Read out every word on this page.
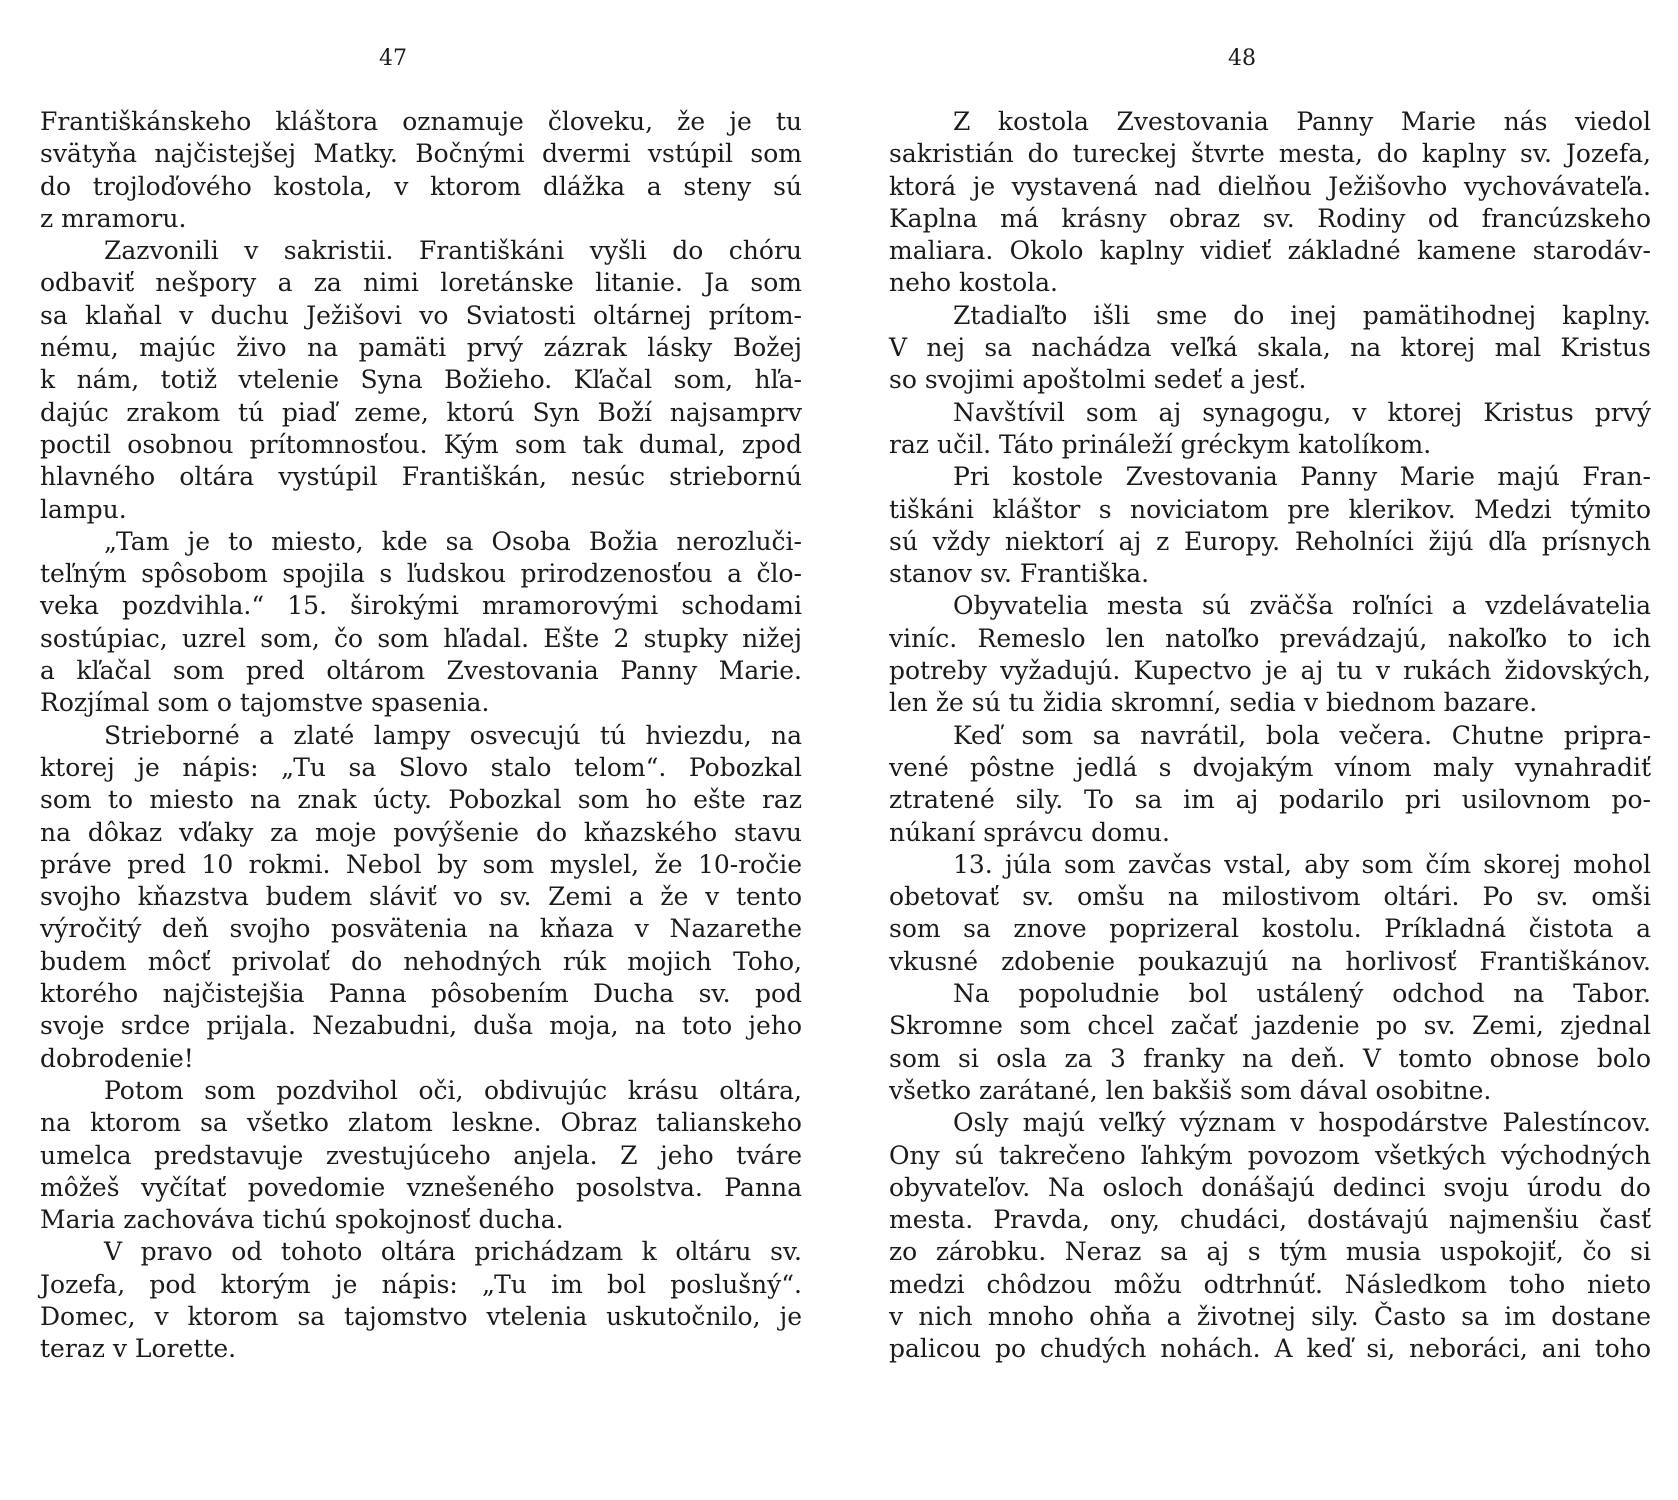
47
Františkánskeho kláštora oznamuje človeku, že je tu
svätyňa najčistejšej Matky. Bočnými dvermi vstúpil som
do trojloďového kostola, v ktorom dlážka a steny sú
z mramoru.
Zazvonili v sakristii. Františkáni vyšli do chóru
odbaviť nešpory a za nimi loretánske litanie. Ja som
sa klaňal v duchu Ježišovi vo Sviatosti oltárnej prítom-
nému, majúc živo na pamäti prvý zázrak lásky Božej
k nám, totiž vtelenie Syna Božieho. Kľačal som, hľa-
dajúc zrakom tú piaď zeme, ktorú Syn Boží najsamprv
poctil osobnou prítomnosťou. Kým som tak dumal, zpod
hlavného oltára vystúpil Františkán, nesúc striebornú
lampu.
„Tam je to miesto, kde sa Osoba Božia nerozluči-
teľným spôsobom spojila s ľudskou prirodzenosťou a člo-
veka pozdvihla.“ 15. širokými mramorovými schodami
sostúpiac, uzrel som, čo som hľadal. Ešte 2 stupky nižej
a kľačal som pred oltárom Zvestovania Panny Marie.
Rozjímal som o tajomstve spasenia.
Strieborné a zlaté lampy osvecujú tú hviezdu, na
ktorej je nápis: „Tu sa Slovo stalo telom“. Pobozkal
som to miesto na znak úcty. Pobozkal som ho ešte raz
na dôkaz vďaky za moje povýšenie do kňazského stavu
práve pred 10 rokmi. Nebol by som myslel, že 10-ročie
svojho kňazstva budem sláviť vo sv. Zemi a že v tento
výročitý deň svojho posvätenia na kňaza v Nazarethe
budem môcť privolať do nehodných rúk mojich Toho,
ktorého najčistejšia Panna pôsobením Ducha sv. pod
svoje srdce prijala. Nezabudni, duša moja, na toto jeho
dobrodenie!
Potom som pozdvihol oči, obdivujúc krásu oltára,
na ktorom sa všetko zlatom leskne. Obraz talianskeho
umelca predstavuje zvestujúceho anjela. Z jeho tváre
môžeš vyčítať povedomie vznešeného posolstva. Panna
Maria zachováva tichú spokojnosť ducha.
V pravo od tohoto oltára prichádzam k oltáru sv.
Jozefa, pod ktorým je nápis: „Tu im bol poslušný“.
Domec, v ktorom sa tajomstvo vtelenia uskutočnilo, je
teraz v Lorette.
48
Z kostola Zvestovania Panny Marie nás viedol
sakristián do tureckej štvrte mesta, do kaplny sv. Jozefa,
ktorá je vystavená nad dielňou Ježišovho vychovávateľa.
Kaplna má krásny obraz sv. Rodiny od francúzskeho
maliara. Okolo kaplny vidieť základné kamene starodáv-
neho kostola.
Ztadiaľto išli sme do inej pamätihodnej kaplny.
V nej sa nachádza veľká skala, na ktorej mal Kristus
so svojimi apoštolmi sedeť a jesť.
Navštívil som aj synagogu, v ktorej Kristus prvý
raz učil. Táto prináleží gréckym katolíkom.
Pri kostole Zvestovania Panny Marie majú Fran-
tiškáni kláštor s noviciatom pre klerikov. Medzi týmito
sú vždy niektorí aj z Europy. Reholníci žijú dľa prísnych
stanov sv. Františka.
Obyvatelia mesta sú zväčša roľníci a vzdelávatelia
viníc. Remeslo len natoľko prevádzajú, nakoľko to ich
potreby vyžadujú. Kupectvo je aj tu v rukách židovských,
len že sú tu židia skromní, sedia v biednom bazare.
Keď som sa navrátil, bola večera. Chutne pripra-
vené pôstne jedlá s dvojakým vínom maly vynahradiť
ztratené sily. To sa im aj podarilo pri usilovnom po-
núkaní správcu domu.
13. júla som zavčas vstal, aby som čím skorej mohol
obetovať sv. omšu na milostivom oltári. Po sv. omši
som sa znove poprizeral kostolu. Príkladná čistota a
vkusné zdobenie poukazujú na horlivosť Františkánov.
Na popoludnie bol ustálený odchod na Tabor.
Skromne som chcel začať jazdenie po sv. Zemi, zjednal
som si osla za 3 franky na deň. V tomto obnose bolo
všetko zarátané, len bakšiš som dával osobitne.
Osly majú veľký význam v hospodárstve Palestíncov.
Ony sú takrečeno ľahkým povozom všetkých východných
obyvateľov. Na osloch donášajú dedinci svoju úrodu do
mesta. Pravda, ony, chudáci, dostávajú najmenšiu časť
zo zárobku. Neraz sa aj s tým musia uspokojiť, čo si
medzi chôdzou môžu odtrhnúť. Následkom toho nieto
v nich mnoho ohňa a životnej sily. Často sa im dostane
palicou po chudých nohách. A keď si, neboráci, ani toho
